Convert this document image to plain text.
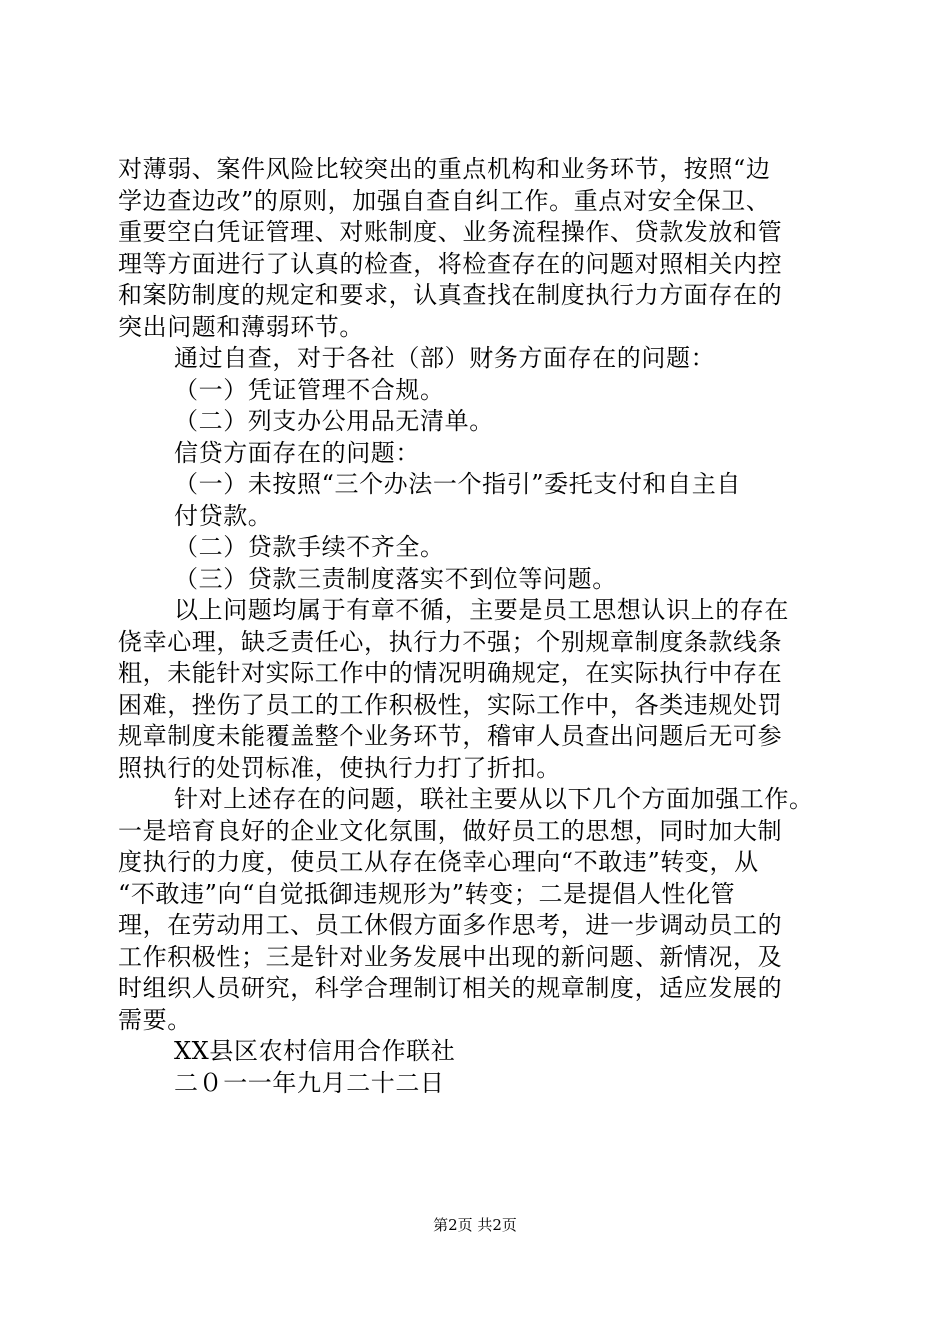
对薄弱、案件风险比较突出的重点机构和业务环节，按照“边
学边查边改”的原则，加强自查自纠工作。重点对安全保卫、
重要空白凭证管理、对账制度、业务流程操作、贷款发放和管
理等方面进行了认真的检查，将检查存在的问题对照相关内控
和案防制度的规定和要求，认真查找在制度执行力方面存在的
突出问题和薄弱环节。
通过自查，对于各社（部）财务方面存在的问题：
（一）凭证管理不合规。
（二）列支办公用品无清单。
信贷方面存在的问题：
（一）未按照“三个办法一个指引”委托支付和自主自
付贷款。
（二）贷款手续不齐全。
（三）贷款三责制度落实不到位等问题。
以上问题均属于有章不循，主要是员工思想认识上的存在
侥幸心理，缺乏责任心，执行力不强；个别规章制度条款线条
粗，未能针对实际工作中的情况明确规定，在实际执行中存在
困难，挫伤了员工的工作积极性，实际工作中，各类违规处罚
规章制度未能覆盖整个业务环节，稽审人员查出问题后无可参
照执行的处罚标准，使执行力打了折扣。
针对上述存在的问题，联社主要从以下几个方面加强工作。
一是培育良好的企业文化氛围，做好员工的思想，同时加大制
度执行的力度，使员工从存在侥幸心理向“不敢违”转变，从
“不敢违”向“自觉抵御违规形为”转变；二是提倡人性化管
理，在劳动用工、员工休假方面多作思考，进一步调动员工的
工作积极性；三是针对业务发展中出现的新问题、新情况，及
时组织人员研究，科学合理制订相关的规章制度，适应发展的
需要。
XX县区农村信用合作联社
二０一一年九月二十二日
第2页 共2页
